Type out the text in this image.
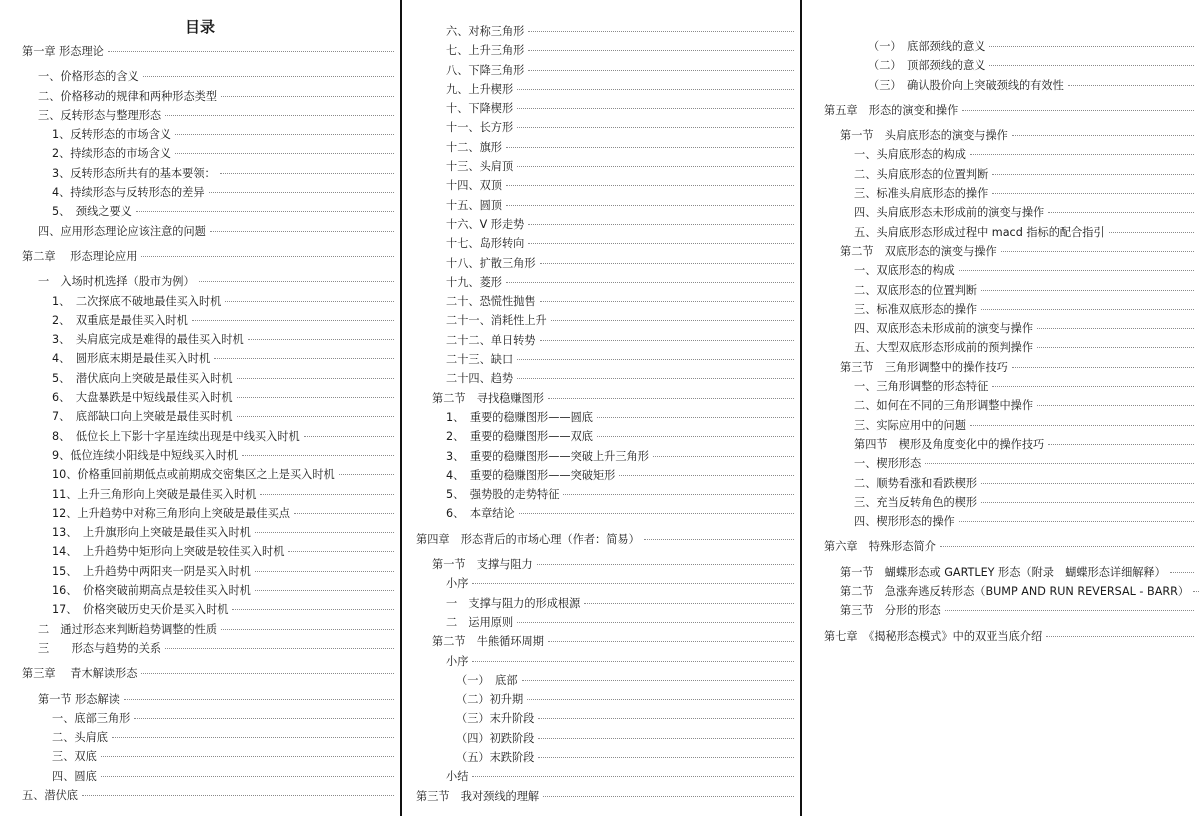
目录
第一章 形态理论
一、价格形态的含义
二、价格移动的规律和两种形态类型
三、反转形态与整理形态
1、反转形态的市场含义
2、持续形态的市场含义
3、反转形态所共有的基本要领：
4、持续形态与反转形态的差异
5、　颈线之要义
四、应用形态理论应该注意的问题
第二章　 形态理论应用
一　入场时机选择（股市为例）
1、　二次探底不破地最佳买入时机
2、　双重底是最佳买入时机
3、　头肩底完成是难得的最佳买入时机
4、　圆形底末期是最佳买入时机
5、　潜伏底向上突破是最佳买入时机
6、　大盘暴跌是中短线最佳买入时机
7、　底部缺口向上突破是最佳买时机
8、　低位长上下影十字星连续出现是中线买入时机
9、低位连续小阳线是中短线买入时机
10、价格重回前期低点或前期成交密集区之上是买入时机
11、上升三角形向上突破是最佳买入时机
12、上升趋势中对称三角形向上突破是最佳买点
13、　上升旗形向上突破是最佳买入时机
14、　上升趋势中矩形向上突破是较佳买入时机
15、　上升趋势中两阳夹一阴是买入时机
16、　价格突破前期高点是较佳买入时机
17、　价格突破历史天价是买入时机
二　通过形态来判断趋势调整的性质
三　　形态与趋势的关系
第三章　 青木解读形态
第一节 形态解读
一、底部三角形
二、头肩底
三、双底
四、圆底
五、潜伏底
六、对称三角形
七、上升三角形
八、下降三角形
九、上升楔形
十、下降楔形
十一、长方形
十二、旗形
十三、头肩顶
十四、双顶
十五、圆顶
十六、V 形走势
十七、岛形转向
十八、扩散三角形
十九、菱形
二十、恐慌性抛售
二十一、消耗性上升
二十二、单日转势
二十三、缺口
二十四、趋势
第二节　寻找稳赚图形
1、　重要的稳赚图形——圆底
2、　重要的稳赚图形——双底
3、　重要的稳赚图形——突破上升三角形
4、　重要的稳赚图形——突破矩形
5、　强势股的走势特征
6、　本章结论
第四章　形态背后的市场心理（作者：简易）
第一节　支撑与阻力
小序
一　支撑与阻力的形成根源
二　运用原则
第二节　牛熊循环周期
小序
（一）　底部
（二）初升期
（三）末升阶段
（四）初跌阶段
（五）末跌阶段
小结
第三节　我对颈线的理解
（一）　底部颈线的意义
（二）　顶部颈线的意义
（三）　确认股价向上突破颈线的有效性
第五章　形态的演变和操作
第一节　头肩底形态的演变与操作
一、头肩底形态的构成
二、头肩底形态的位置判断
三、标准头肩底形态的操作
四、头肩底形态未形成前的演变与操作
五、头肩底形态形成过程中 macd 指标的配合指引
第二节　双底形态的演变与操作
一、双底形态的构成
二、双底形态的位置判断
三、标准双底形态的操作
四、双底形态未形成前的演变与操作
五、大型双底形态形成前的预判操作
第三节　三角形调整中的操作技巧
一、三角形调整的形态特征
二、如何在不同的三角形调整中操作
三、实际应用中的问题
第四节　楔形及角度变化中的操作技巧
一、楔形形态
二、顺势看涨和看跌楔形
三、充当反转角色的楔形
四、楔形形态的操作
第六章　特殊形态简介
第一节　蝴蝶形态或 GARTLEY 形态（附录　蝴蝶形态详细解释）
第二节　急涨奔逃反转形态（BUMP AND RUN REVERSAL - BARR）
第三节　分形的形态
第七章　《揭秘形态模式》中的双亚当底介绍
